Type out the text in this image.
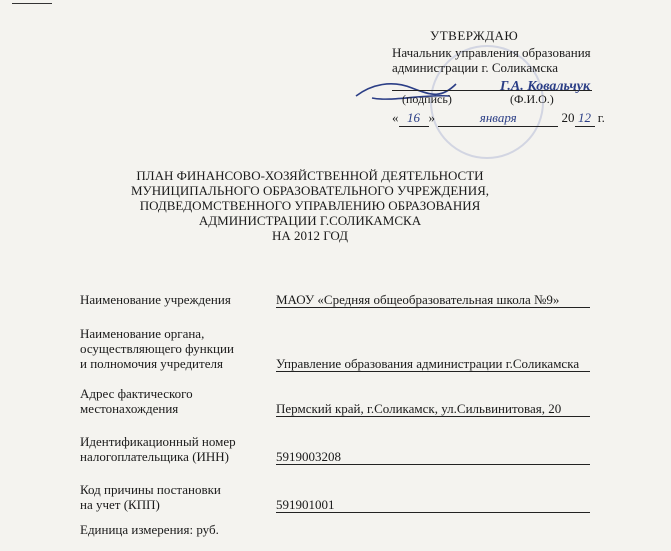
УТВЕРЖДАЮ
Начальник управления образования
администрации г. Соликамска
Г.А. Ковальчук
(подпись)	(Ф.И.О.)
« 16 »	января	20 12 г.
ПЛАН ФИНАНСОВО-ХОЗЯЙСТВЕННОЙ ДЕЯТЕЛЬНОСТИ
МУНИЦИПАЛЬНОГО ОБРАЗОВАТЕЛЬНОГО УЧРЕЖДЕНИЯ,
ПОДВЕДОМСТВЕННОГО УПРАВЛЕНИЮ ОБРАЗОВАНИЯ
АДМИНИСТРАЦИИ Г.СОЛИКАМСКА
НА 2012 ГОД
Наименование учреждения	МАОУ «Средняя общеобразовательная школа №9»
Наименование органа,
осуществляющего функции
и полномочия учредителя	Управление образования администрации г.Соликамска
Адрес фактического
местонахождения	Пермский край, г.Соликамск, ул.Сильвинитовая, 20
Идентификационный номер
налогоплательщика (ИНН)	5919003208
Код причины постановки
на учет (КПП)	591901001
Единица измерения: руб.
